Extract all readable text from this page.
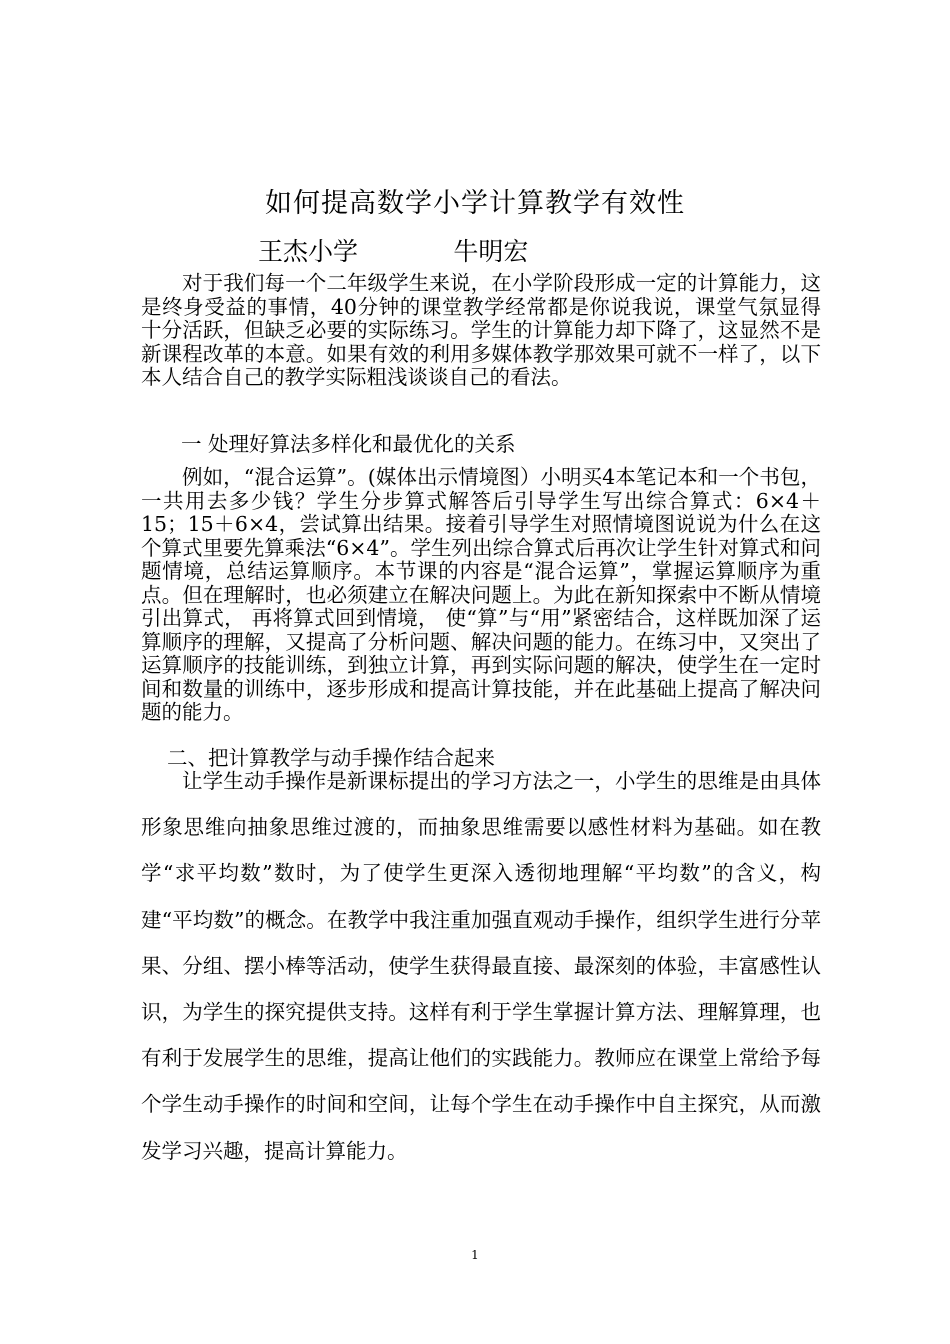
如何提高数学小学计算教学有效性
王杰小学            牛明宏
对于我们每一个二年级学生来说，在小学阶段形成一定的计算能力，这是终身受益的事情，40分钟的课堂教学经常都是你说我说，课堂气氛显得十分活跃，但缺乏必要的实际练习。学生的计算能力却下降了，这显然不是新课程改革的本意。如果有效的利用多媒体教学那效果可就不一样了，以下本人结合自己的教学实际粗浅谈谈自己的看法。
一 处理好算法多样化和最优化的关系
例如，“混合运算”。(媒体出示情境图）小明买4本笔记本和一个书包，一共用去多少钱？学生分步算式解答后引导学生写出综合算式：6×4＋15；15＋6×4，尝试算出结果。接着引导学生对照情境图说说为什么在这个算式里要先算乘法“6×4”。学生列出综合算式后再次让学生针对算式和问题情境，总结运算顺序。本节课的内容是“混合运算”，掌握运算顺序为重点。但在理解时，也必须建立在解决问题上。为此在新知探索中不断从情境引出算式， 再将算式回到情境， 使“算”与“用”紧密结合，这样既加深了运算顺序的理解，又提高了分析问题、解决问题的能力。在练习中，又突出了运算顺序的技能训练，到独立计算，再到实际问题的解决，使学生在一定时间和数量的训练中，逐步形成和提高计算技能，并在此基础上提高了解决问题的能力。
二、把计算教学与动手操作结合起来
让学生动手操作是新课标提出的学习方法之一，小学生的思维是由具体形象思维向抽象思维过渡的，而抽象思维需要以感性材料为基础。如在教学“求平均数”数时，为了使学生更深入透彻地理解“平均数”的含义，构建“平均数”的概念。在教学中我注重加强直观动手操作，组织学生进行分苹果、分组、摆小棒等活动，使学生获得最直接、最深刻的体验，丰富感性认识，为学生的探究提供支持。这样有利于学生掌握计算方法、理解算理，也有利于发展学生的思维，提高让他们的实践能力。教师应在课堂上常给予每个学生动手操作的时间和空间，让每个学生在动手操作中自主探究，从而激发学习兴趣，提高计算能力。
1
